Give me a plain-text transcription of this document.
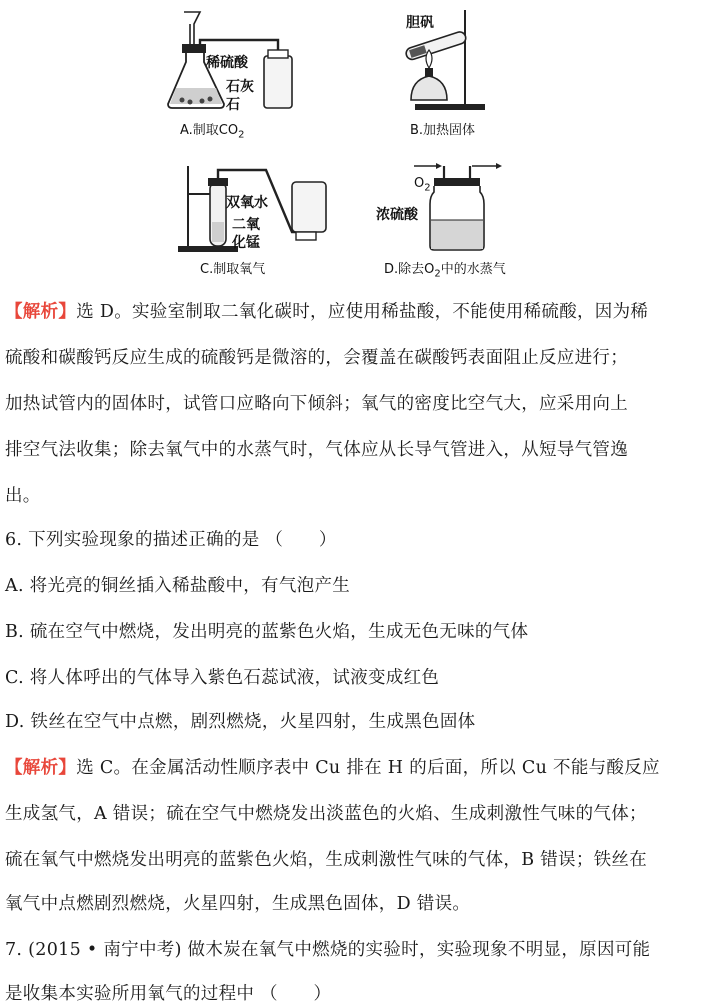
稀硫酸
石灰
石
A.制取$CO_2$
胆矾
B.加热固体
双氧水
二氧
化锰
C.制取氧气
$O_2$
浓硫酸
D.除去$O_2$中的水蒸气
【解析】选 D。实验室制取二氧化碳时，应使用稀盐酸，不能使用稀硫酸，因为稀
硫酸和碳酸钙反应生成的硫酸钙是微溶的，会覆盖在碳酸钙表面阻止反应进行；
加热试管内的固体时，试管口应略向下倾斜；氧气的密度比空气大，应采用向上
排空气法收集；除去氧气中的水蒸气时，气体应从长导气管进入，从短导气管逸
出。
6. 下列实验现象的描述正确的是 （　　）
A. 将光亮的铜丝插入稀盐酸中，有气泡产生
B. 硫在空气中燃烧，发出明亮的蓝紫色火焰，生成无色无味的气体
C. 将人体呼出的气体导入紫色石蕊试液，试液变成红色
D. 铁丝在空气中点燃，剧烈燃烧，火星四射，生成黑色固体
【解析】选 C。在金属活动性顺序表中 Cu 排在 H 的后面，所以 Cu 不能与酸反应
生成氢气，A 错误；硫在空气中燃烧发出淡蓝色的火焰、生成刺激性气味的气体；
硫在氧气中燃烧发出明亮的蓝紫色火焰，生成刺激性气味的气体，B 错误；铁丝在
氧气中点燃剧烈燃烧，火星四射，生成黑色固体，D 错误。
7. (2015 • 南宁中考) 做木炭在氧气中燃烧的实验时，实验现象不明显，原因可能
是收集本实验所用氧气的过程中 （　　）
